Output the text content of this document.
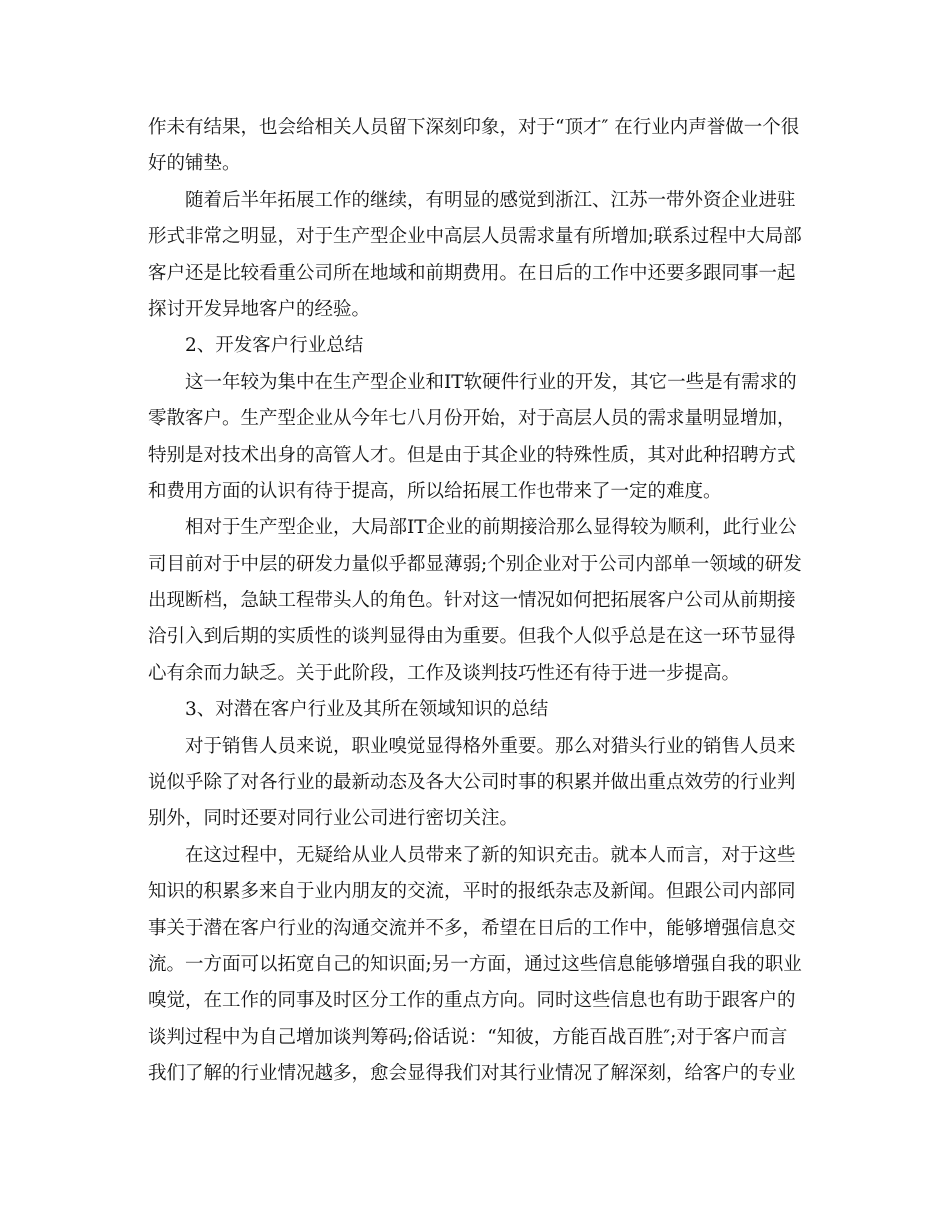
作未有结果，也会给相关人员留下深刻印象，对于“顶才″ 在行业内声誉做一个很
好的铺垫。
随着后半年拓展工作的继续，有明显的感觉到浙江、江苏一带外资企业进驻
形式非常之明显，对于生产型企业中高层人员需求量有所增加;联系过程中大局部
客户还是比较看重公司所在地域和前期费用。在日后的工作中还要多跟同事一起
探讨开发异地客户的经验。
2、开发客户行业总结
这一年较为集中在生产型企业和IT软硬件行业的开发，其它一些是有需求的
零散客户。生产型企业从今年七八月份开始，对于高层人员的需求量明显增加，
特别是对技术出身的高管人才。但是由于其企业的特殊性质，其对此种招聘方式
和费用方面的认识有待于提高，所以给拓展工作也带来了一定的难度。
相对于生产型企业，大局部IT企业的前期接洽那么显得较为顺利，此行业公
司目前对于中层的研发力量似乎都显薄弱;个别企业对于公司内部单一领域的研发
出现断档，急缺工程带头人的角色。针对这一情况如何把拓展客户公司从前期接
洽引入到后期的实质性的谈判显得由为重要。但我个人似乎总是在这一环节显得
心有余而力缺乏。关于此阶段，工作及谈判技巧性还有待于进一步提高。
3、对潜在客户行业及其所在领域知识的总结
对于销售人员来说，职业嗅觉显得格外重要。那么对猎头行业的销售人员来
说似乎除了对各行业的最新动态及各大公司时事的积累并做出重点效劳的行业判
别外，同时还要对同行业公司进行密切关注。
在这过程中，无疑给从业人员带来了新的知识充击。就本人而言，对于这些
知识的积累多来自于业内朋友的交流，平时的报纸杂志及新闻。但跟公司内部同
事关于潜在客户行业的沟通交流并不多，希望在日后的工作中，能够增强信息交
流。一方面可以拓宽自己的知识面;另一方面，通过这些信息能够增强自我的职业
嗅觉，在工作的同事及时区分工作的重点方向。同时这些信息也有助于跟客户的
谈判过程中为自己增加谈判筹码;俗话说：“知彼，方能百战百胜″;对于客户而言
我们了解的行业情况越多，愈会显得我们对其行业情况了解深刻，给客户的专业
